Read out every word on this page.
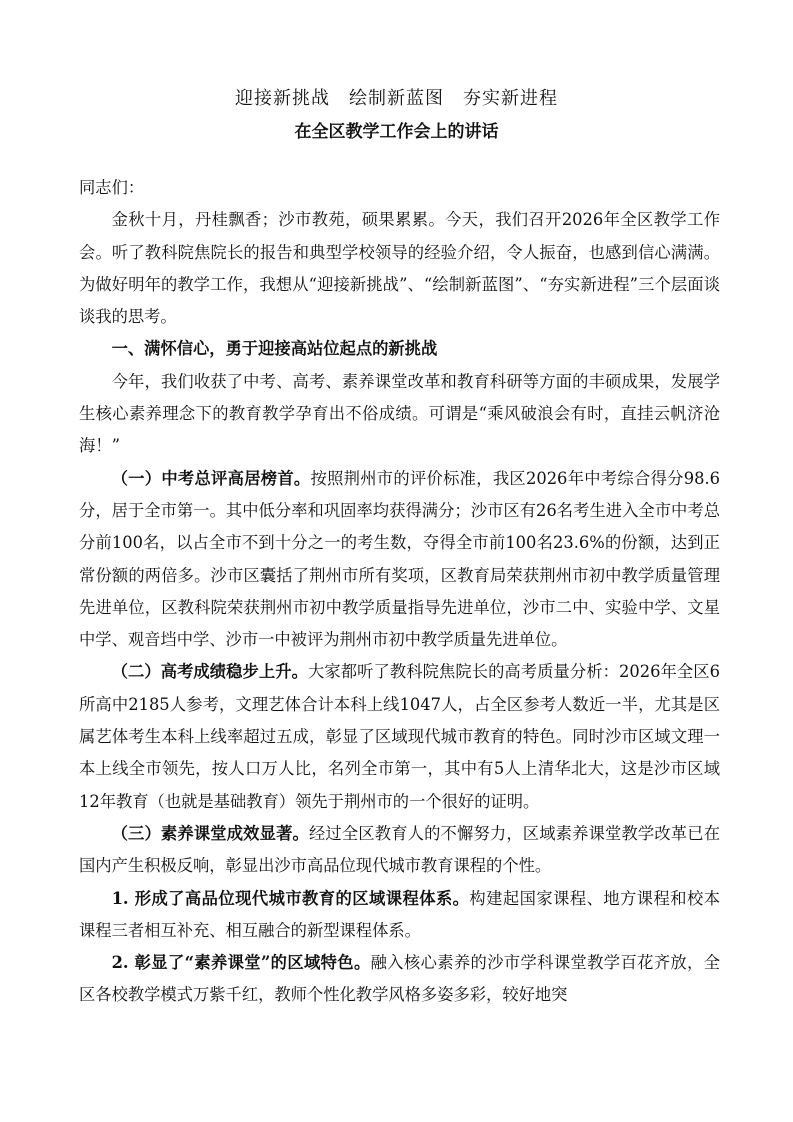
迎接新挑战　绘制新蓝图　夯实新进程
在全区教学工作会上的讲话

同志们：

金秋十月，丹桂飘香；沙市教苑，硕果累累。今天，我们召开2026年全区教学工作会。听了教科院焦院长的报告和典型学校领导的经验介绍，令人振奋，也感到信心满满。为做好明年的教学工作，我想从“迎接新挑战”、“绘制新蓝图”、“夯实新进程”三个层面谈谈我的思考。

一、满怀信心，勇于迎接高站位起点的新挑战

今年，我们收获了中考、高考、素养课堂改革和教育科研等方面的丰硕成果，发展学生核心素养理念下的教育教学孕育出不俗成绩。可谓是“乘风破浪会有时，直挂云帆济沧海！”

（一）中考总评高居榜首。按照荆州市的评价标准，我区2026年中考综合得分98.6分，居于全市第一。其中低分率和巩固率均获得满分；沙市区有26名考生进入全市中考总分前100名，以占全市不到十分之一的考生数，夺得全市前100名23.6%的份额，达到正常份额的两倍多。沙市区囊括了荆州市所有奖项，区教育局荣获荆州市初中教学质量管理先进单位，区教科院荣获荆州市初中教学质量指导先进单位，沙市二中、实验中学、文星中学、观音垱中学、沙市一中被评为荆州市初中教学质量先进单位。

（二）高考成绩稳步上升。大家都听了教科院焦院长的高考质量分析：2026年全区6所高中2185人参考，文理艺体合计本科上线1047人，占全区参考人数近一半，尤其是区属艺体考生本科上线率超过五成，彰显了区域现代城市教育的特色。同时沙市区域文理一本上线全市领先，按人口万人比，名列全市第一，其中有5人上清华北大，这是沙市区域12年教育（也就是基础教育）领先于荆州市的一个很好的证明。

（三）素养课堂成效显著。经过全区教育人的不懈努力，区域素养课堂教学改革已在国内产生积极反响，彰显出沙市高品位现代城市教育课程的个性。

1. 形成了高品位现代城市教育的区域课程体系。构建起国家课程、地方课程和校本课程三者相互补充、相互融合的新型课程体系。

2. 彰显了“素养课堂”的区域特色。融入核心素养的沙市学科课堂教学百花齐放，全区各校教学模式万紫千红，教师个性化教学风格多姿多彩，较好地突
